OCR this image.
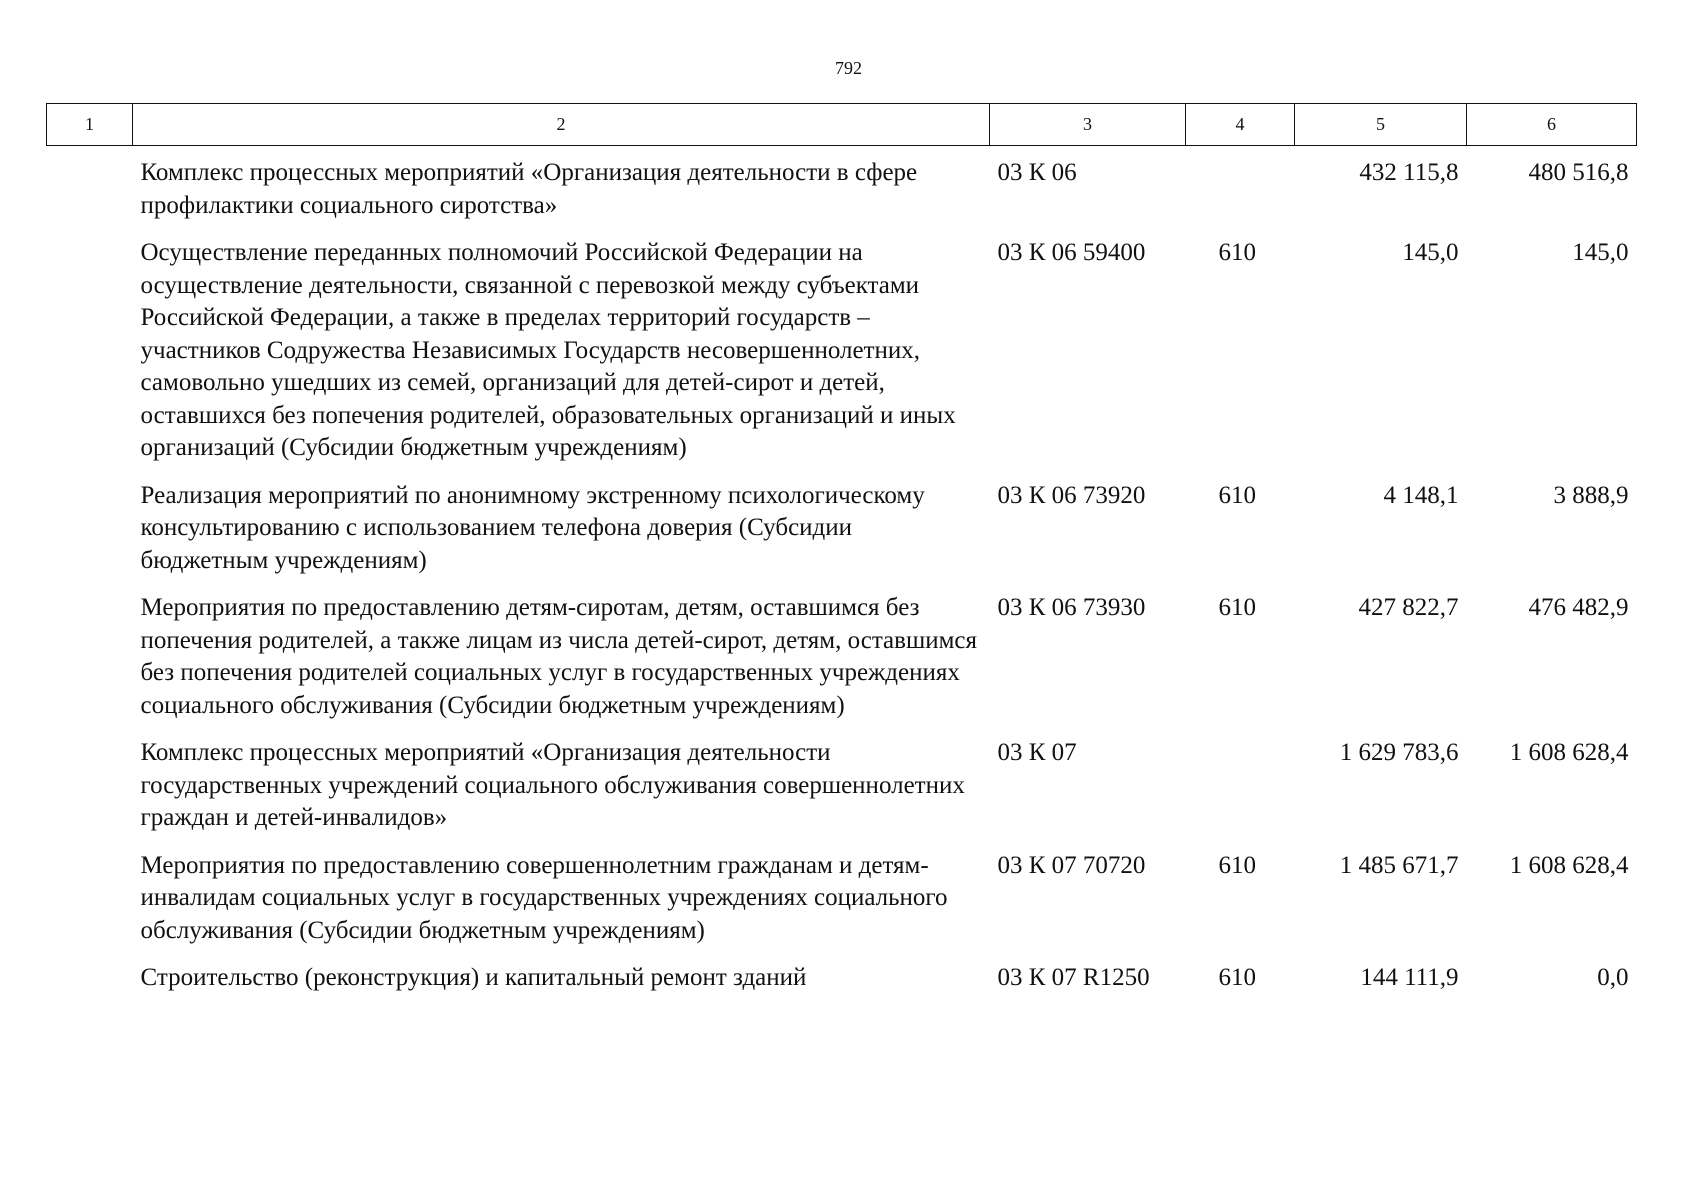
792
1	2	3	4	5	6
	Комплекс процессных мероприятий «Организация деятельности в сфере профилактики социального сиротства»	03 К 06		432 115,8	480 516,8
	Осуществление переданных полномочий Российской Федерации на осуществление деятельности, связанной с перевозкой между субъектами Российской Федерации, а также в пределах территорий государств – участников Содружества Независимых Государств несовершеннолетних, самовольно ушедших из семей, организаций для детей-сирот и детей, оставшихся без попечения родителей, образовательных организаций и иных организаций (Субсидии бюджетным учреждениям)	03 К 06 59400	610	145,0	145,0
	Реализация мероприятий по анонимному экстренному психологическому консультированию с использованием телефона доверия (Субсидии бюджетным учреждениям)	03 К 06 73920	610	4 148,1	3 888,9
	Мероприятия по предоставлению детям-сиротам, детям, оставшимся без попечения родителей, а также лицам из числа детей-сирот, детям, оставшимся без попечения родителей социальных услуг в государственных учреждениях социального обслуживания (Субсидии бюджетным учреждениям)	03 К 06 73930	610	427 822,7	476 482,9
	Комплекс процессных мероприятий «Организация деятельности государственных учреждений социального обслуживания совершеннолетних граждан и детей-инвалидов»	03 К 07		1 629 783,6	1 608 628,4
	Мероприятия по предоставлению совершеннолетним гражданам и детям-инвалидам социальных услуг в государственных учреждениях социального обслуживания (Субсидии бюджетным учреждениям)	03 К 07 70720	610	1 485 671,7	1 608 628,4
	Строительство (реконструкция) и капитальный ремонт зданий	03 К 07 R1250	610	144 111,9	0,0
